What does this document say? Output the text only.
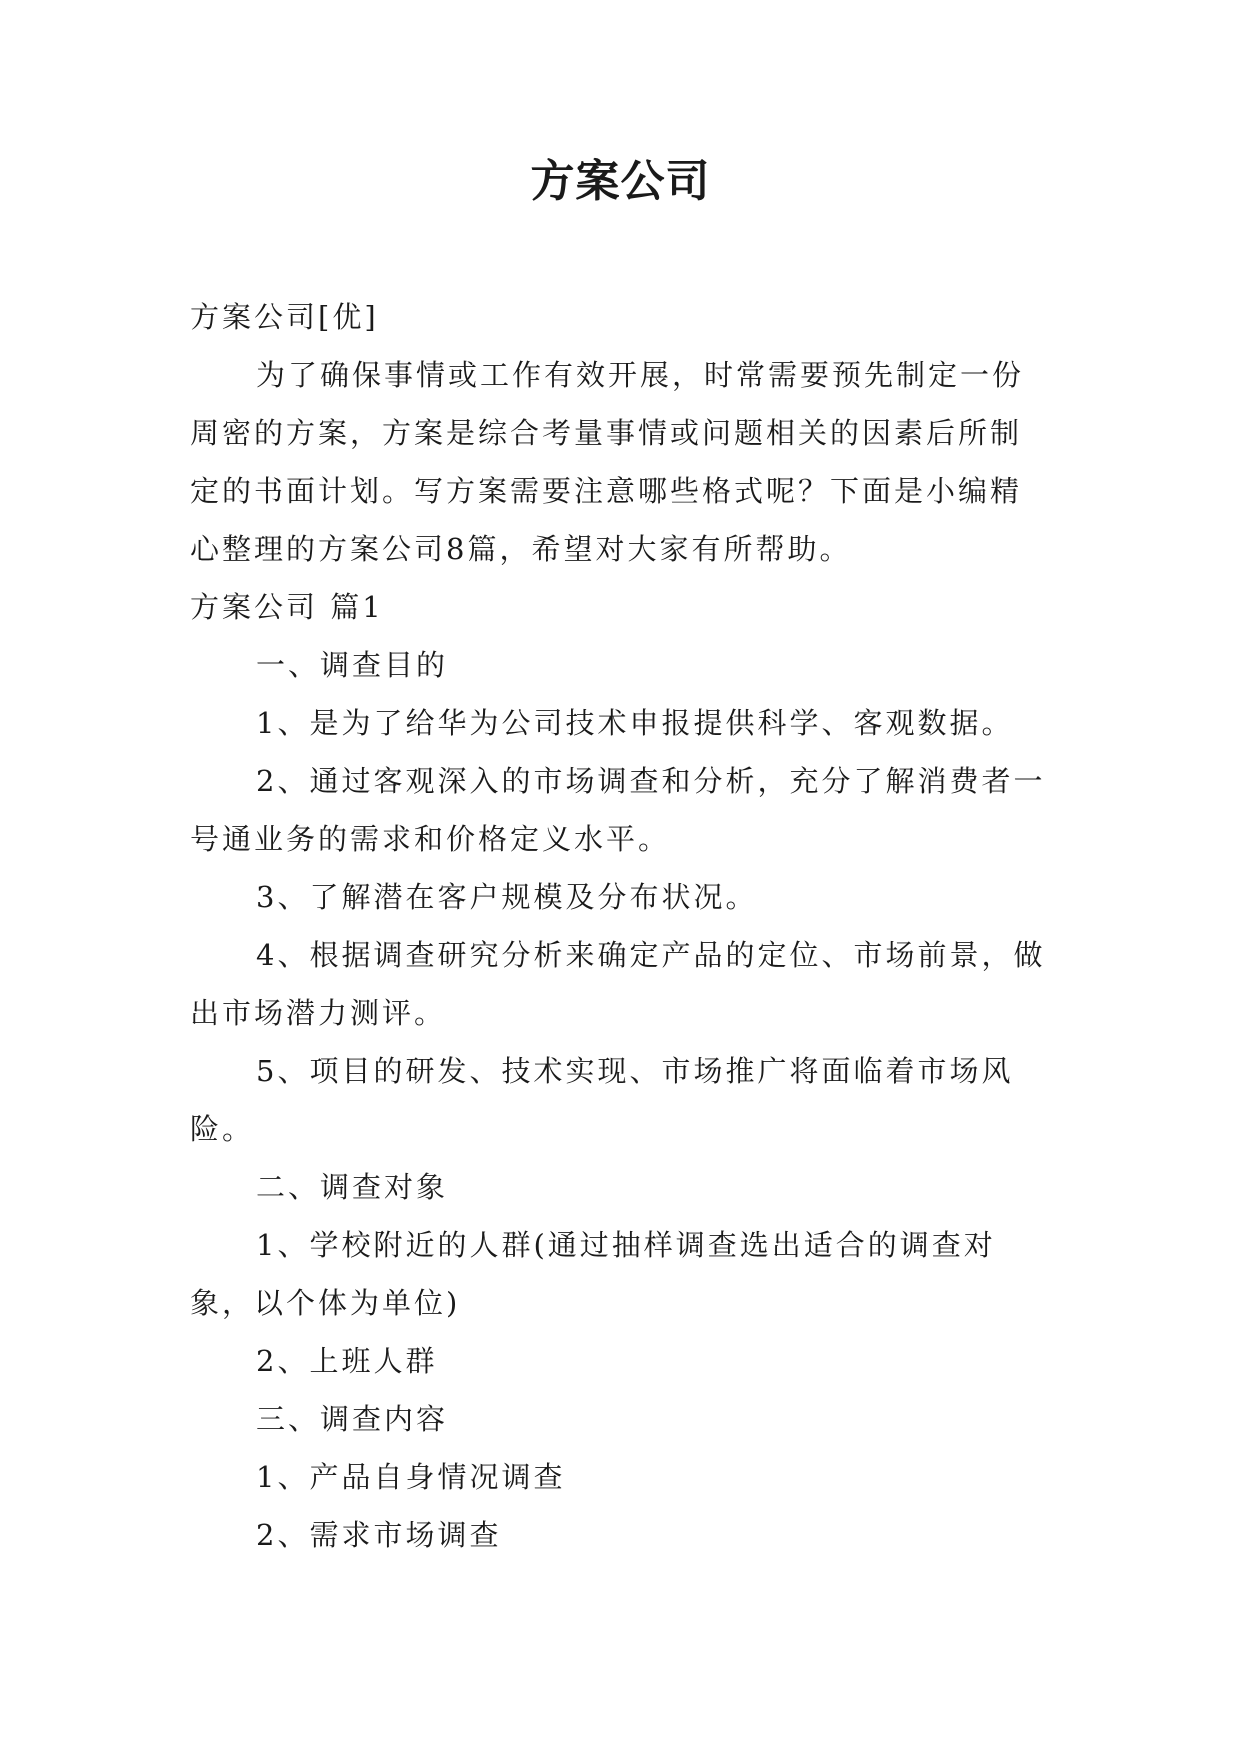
方案公司

方案公司[优]

为了确保事情或工作有效开展，时常需要预先制定一份周密的方案，方案是综合考量事情或问题相关的因素后所制定的书面计划。写方案需要注意哪些格式呢？下面是小编精心整理的方案公司8篇，希望对大家有所帮助。

方案公司 篇1

一、调查目的

1、是为了给华为公司技术申报提供科学、客观数据。

2、通过客观深入的市场调查和分析，充分了解消费者一号通业务的需求和价格定义水平。

3、了解潜在客户规模及分布状况。

4、根据调查研究分析来确定产品的定位、市场前景，做出市场潜力测评。

5、项目的研发、技术实现、市场推广将面临着市场风险。

二、调查对象

1、学校附近的人群(通过抽样调查选出适合的调查对象，以个体为单位)

2、上班人群

三、调查内容

1、产品自身情况调查

2、需求市场调查
